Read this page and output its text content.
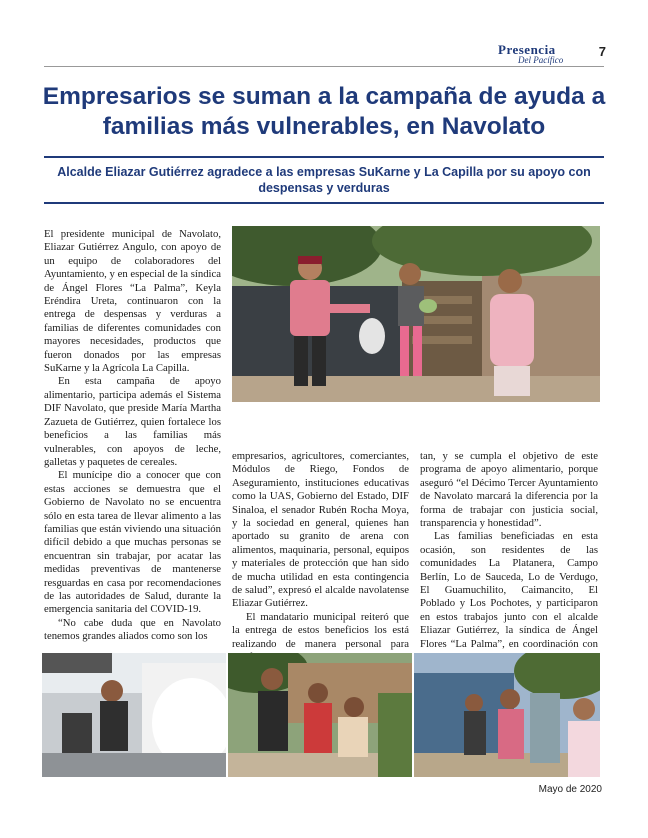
Presencia
Del Pacífico
7
Empresarios se suman a la campaña de ayuda a familias más vulnerables, en Navolato
Alcalde Eliazar Gutiérrez agradece a las empresas SuKarne y La Capilla por su apoyo con despensas y verduras

El presidente municipal de Navolato, Eliazar Gutiérrez Angulo, con apoyo de un equipo de colaboradores del Ayuntamiento, y en especial de la síndica de Ángel Flores “La Palma”, Keyla Eréndira Ureta, continuaron con la entrega de despensas y verduras a familias de diferentes comunidades con mayores necesidades, productos que fueron donados por las empresas SuKarne y la Agrícola La Capilla.

En esta campaña de apoyo alimentario, participa además el Sistema DIF Navolato, que preside María Martha Zazueta de Gutiérrez, quien fortalece los beneficios a las familias más vulnerables, con apoyos de leche, galletas y paquetes de cereales.

El munícipe dio a conocer que con estas acciones se demuestra que el Gobierno de Navolato no se encuentra sólo en esta tarea de llevar alimento a las familias que están viviendo una situación difícil debido a que muchas personas se encuentran sin trabajar, por acatar las medidas preventivas de mantenerse resguardas en casa por recomendaciones de las autoridades de Salud, durante la emergencia sanitaria del COVID-19.

“No cabe duda que en Navolato tenemos grandes aliados como son los

empresarios, agricultores, comerciantes, Módulos de Riego, Fondos de Aseguramiento, instituciones educativas como la UAS, Gobierno del Estado, DIF Sinaloa, el senador Rubén Rocha Moya, y la sociedad en general, quienes han aportado su granito de arena con alimentos, maquinaria, personal, equipos y materiales de protección que han sido de mucha utilidad en esta contingencia de salud”, expresó el alcalde navolatense Eliazar Gutiérrez.

El mandatario municipal reiteró que la entrega de estos beneficios los está realizando de manera personal para

tan, y se cumpla el objetivo de este programa de apoyo alimentario, porque aseguró “el Décimo Tercer Ayuntamiento de Navolato marcará la diferencia por la forma de trabajar con justicia social, transparencia y honestidad”.

Las familias beneficiadas en esta ocasión, son residentes de las comunidades La Platanera, Campo Berlín, Lo de Sauceda, Lo de Verdugo, El Guamuchilito, Caimancito, El Poblado y Los Pochotes, y participaron en estos trabajos junto con el alcalde Eliazar Gutiérrez, la síndica de Ángel Flores “La Palma”, en coordinación con

Mayo de 2020
